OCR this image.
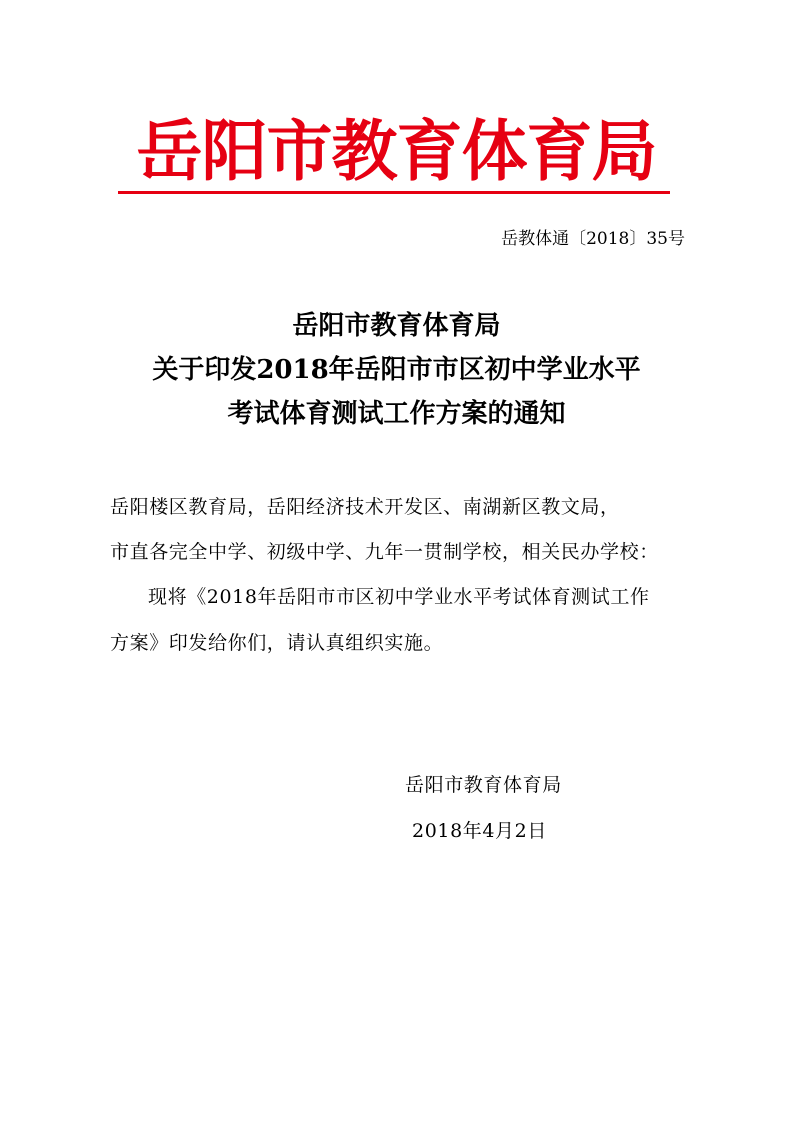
岳阳市教育体育局
岳教体通〔2018〕35号
岳阳市教育体育局
关于印发2018年岳阳市市区初中学业水平
考试体育测试工作方案的通知
岳阳楼区教育局，岳阳经济技术开发区、南湖新区教文局，
市直各完全中学、初级中学、九年一贯制学校，相关民办学校：
现将《2018年岳阳市市区初中学业水平考试体育测试工作
方案》印发给你们，请认真组织实施。
岳阳市教育体育局
2018年4月2日
